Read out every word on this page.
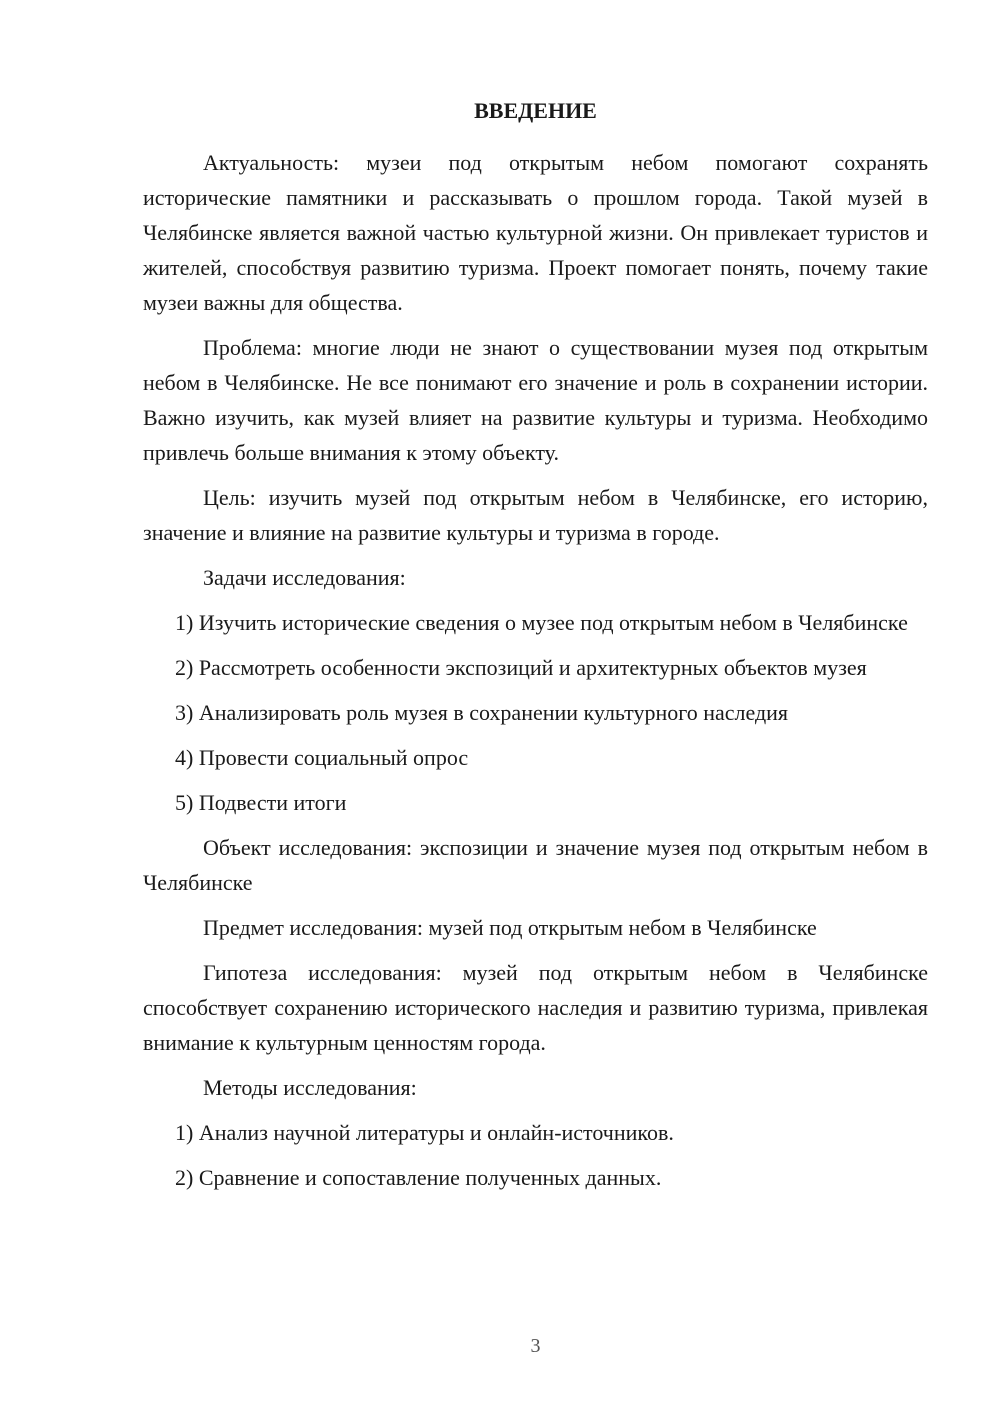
ВВЕДЕНИЕ

Актуальность: музеи под открытым небом помогают сохранять исторические памятники и рассказывать о прошлом города. Такой музей в Челябинске является важной частью культурной жизни. Он привлекает туристов и жителей, способствуя развитию туризма. Проект помогает понять, почему такие музеи важны для общества.

Проблема: многие люди не знают о существовании музея под открытым небом в Челябинске. Не все понимают его значение и роль в сохранении истории. Важно изучить, как музей влияет на развитие культуры и туризма. Необходимо привлечь больше внимания к этому объекту.

Цель: изучить музей под открытым небом в Челябинске, его историю, значение и влияние на развитие культуры и туризма в городе.

Задачи исследования:

1) Изучить исторические сведения о музее под открытым небом в Челябинске

2) Рассмотреть особенности экспозиций и архитектурных объектов музея

3) Анализировать роль музея в сохранении культурного наследия

4) Провести социальный опрос

5) Подвести итоги

Объект исследования: экспозиции и значение музея под открытым небом в Челябинске

Предмет исследования: музей под открытым небом в Челябинске

Гипотеза исследования: музей под открытым небом в Челябинске способствует сохранению исторического наследия и развитию туризма, привлекая внимание к культурным ценностям города.

Методы исследования:

1) Анализ научной литературы и онлайн-источников.

2) Сравнение и сопоставление полученных данных.

3
